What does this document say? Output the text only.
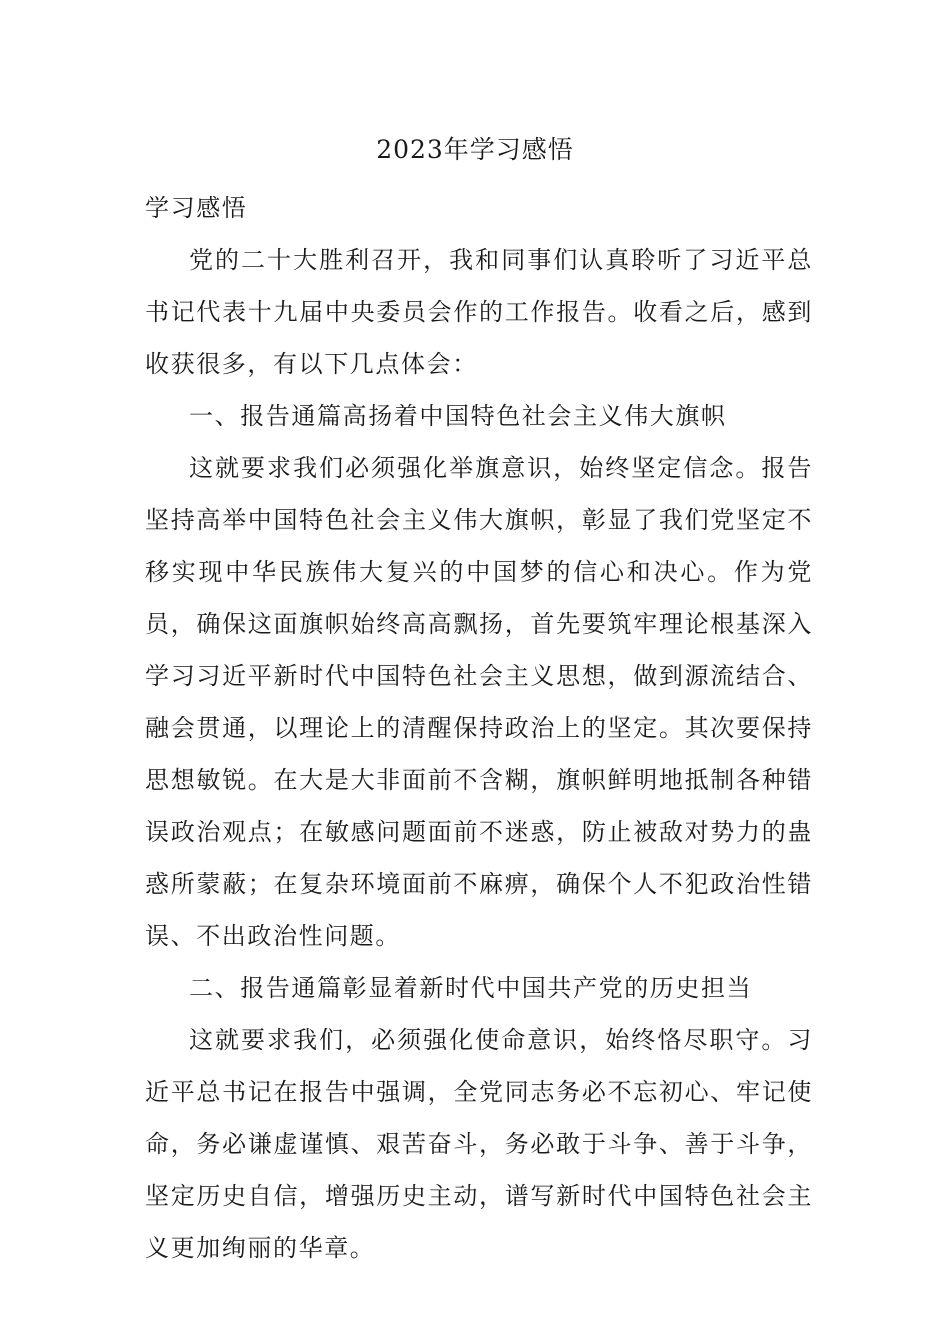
2023年学习感悟

学习感悟

党的二十大胜利召开，我和同事们认真聆听了习近平总书记代表十九届中央委员会作的工作报告。收看之后，感到收获很多，有以下几点体会：

一、报告通篇高扬着中国特色社会主义伟大旗帜

这就要求我们必须强化举旗意识，始终坚定信念。报告坚持高举中国特色社会主义伟大旗帜，彰显了我们党坚定不移实现中华民族伟大复兴的中国梦的信心和决心。作为党员，确保这面旗帜始终高高飘扬，首先要筑牢理论根基深入学习习近平新时代中国特色社会主义思想，做到源流结合、融会贯通，以理论上的清醒保持政治上的坚定。其次要保持思想敏锐。在大是大非面前不含糊，旗帜鲜明地抵制各种错误政治观点；在敏感问题面前不迷惑，防止被敌对势力的蛊惑所蒙蔽；在复杂环境面前不麻痹，确保个人不犯政治性错误、不出政治性问题。

二、报告通篇彰显着新时代中国共产党的历史担当

这就要求我们，必须强化使命意识，始终恪尽职守。习近平总书记在报告中强调，全党同志务必不忘初心、牢记使命，务必谦虚谨慎、艰苦奋斗，务必敢于斗争、善于斗争，坚定历史自信，增强历史主动，谱写新时代中国特色社会主义更加绚丽的华章。
